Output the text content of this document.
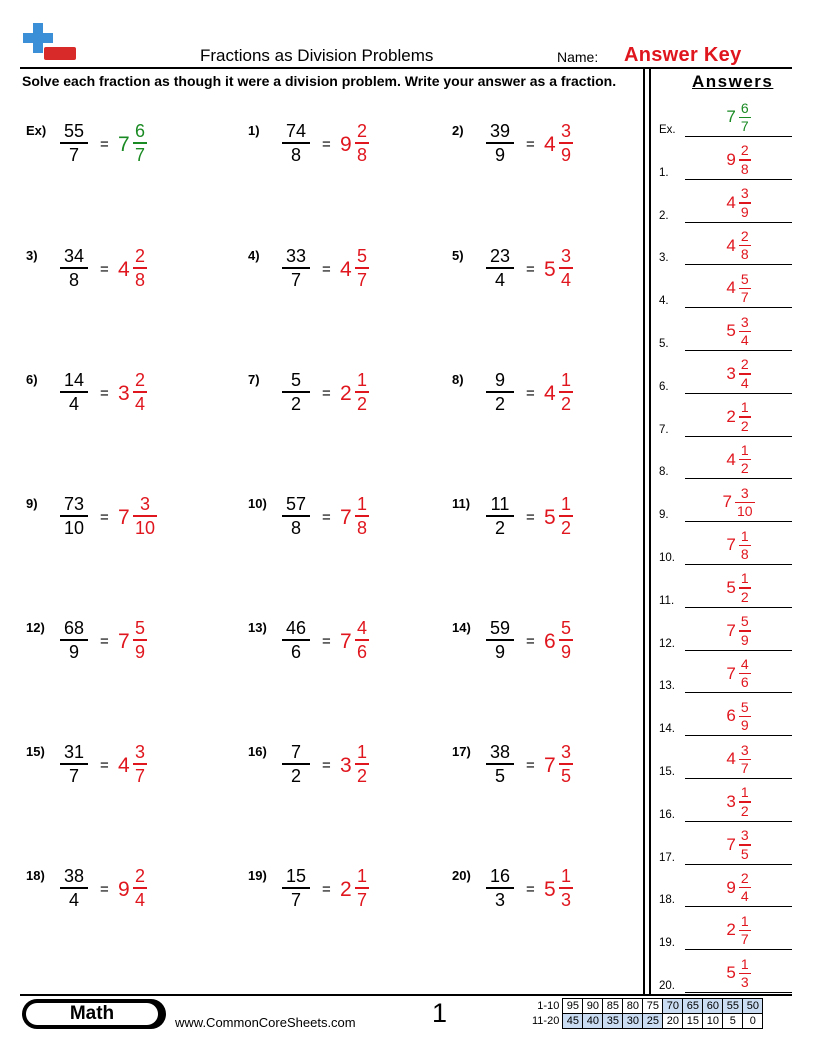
Fractions as Division Problems	Name: Answer Key
Solve each fraction as though it were a division problem. Write your answer as a fraction.	Answers
Ex) 55
7 = 7
6
7
1) 74
8 = 9
2
8
2) 39
9 = 4
3
9
3) 34
8 = 4
2
8
4) 33
7 = 4
5
7
5) 23
4 = 5
3
4
6) 14
4 = 3
2
4
7) 5
2 = 2
1
2
8) 9
2 = 4
1
2
9) 73
10 = 7
3
10
10) 57
8 = 7
1
8
11) 11
2 = 5
1
2
12) 68
9 = 7
5
9
13) 46
6 = 7
4
6
14) 59
9 = 6
5
9
15) 31
7 = 4
3
7
16) 7
2 = 3
1
2
17) 38
5 = 7
3
5
18) 38
4 = 9
2
4
19) 15
7 = 2
1
7
20) 16
3 = 5
1
3
Ex.
$7 \frac{6}{7}$
1.
$9 \frac{2}{8}$
2.
$4 \frac{3}{9}$
3.
$4 \frac{2}{8}$
4.
$4 \frac{5}{7}$
5.
$5 \frac{3}{4}$
6.
$3 \frac{2}{4}$
7.
$2 \frac{1}{2}$
8.
$4 \frac{1}{2}$
9.
$7 \frac{3}{10}$
10.
$7 \frac{1}{8}$
11.
$5 \frac{1}{2}$
12.
$7 \frac{5}{9}$
13.
$7 \frac{4}{6}$
14.
$6 \frac{5}{9}$
15.
$4 \frac{3}{7}$
16.
$3 \frac{1}{2}$
17.
$7 \frac{3}{5}$
18.
$9 \frac{2}{4}$
19.
$2 \frac{1}{7}$
20.
$5 \frac{1}{3}$
Math	www.CommonCoreSheets.com	1	1-10	95	90	85	80	75	70	65	60	55	50
11-20	45	40	35	30	25	20	15	10	5	0
